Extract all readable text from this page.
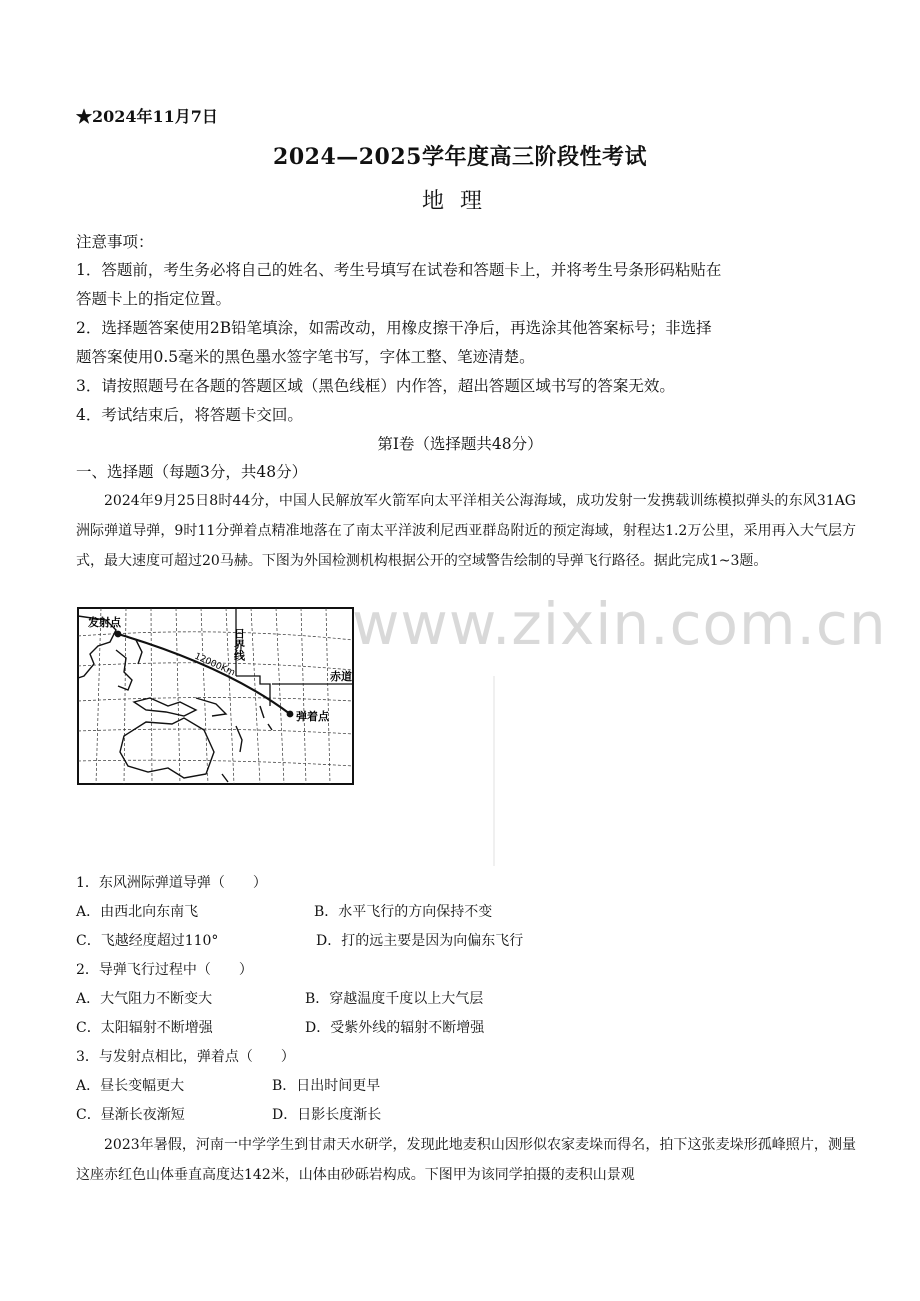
★2024年11月7日
2024—2025学年度高三阶段性考试
地理
注意事项：
1．答题前，考生务必将自己的姓名、考生号填写在试卷和答题卡上，并将考生号条形码粘贴在
答题卡上的指定位置。
2．选择题答案使用2B铅笔填涂，如需改动，用橡皮擦干净后，再选涂其他答案标号；非选择
题答案使用0.5毫米的黑色墨水签字笔书写，字体工整、笔迹清楚。
3．请按照题号在各题的答题区域（黑色线框）内作答，超出答题区域书写的答案无效。
4．考试结束后，将答题卡交回。
第Ⅰ卷（选择题共48分）
一、选择题（每题3分，共48分）
2024年9月25日8时44分，中国人民解放军火箭军向太平洋相关公海海域，成功发射一发携载训练模拟弹头的东风31AG洲际弹道导弹，9时11分弹着点精准地落在了南太平洋波利尼西亚群岛附近的预定海域，射程达1.2万公里，采用再入大气层方式，最大速度可超过20马赫。下图为外国检测机构根据公开的空域警告绘制的导弹飞行路径。据此完成1~3题。
发射点
弹着点
12000Km	赤道
日界线 www.zixin.com.cn
1．东风洲际弹道导弹（　　）
A．由西北向东南飞	B．水平飞行的方向保持不变
C．飞越经度超过110°	D．打的远主要是因为向偏东飞行
2．导弹飞行过程中（　　）
A．大气阻力不断变大	B．穿越温度千度以上大气层
C．太阳辐射不断增强	D．受紫外线的辐射不断增强
3．与发射点相比，弹着点（　　）
A．昼长变幅更大	B．日出时间更早
C．昼渐长夜渐短	D．日影长度渐长
2023年暑假，河南一中学学生到甘肃天水研学，发现此地麦积山因形似农家麦垛而得名，拍下这张麦垛形孤峰照片，测量这座赤红色山体垂直高度达142米，山体由砂砾岩构成。下图甲为该同学拍摄的麦积山景观
